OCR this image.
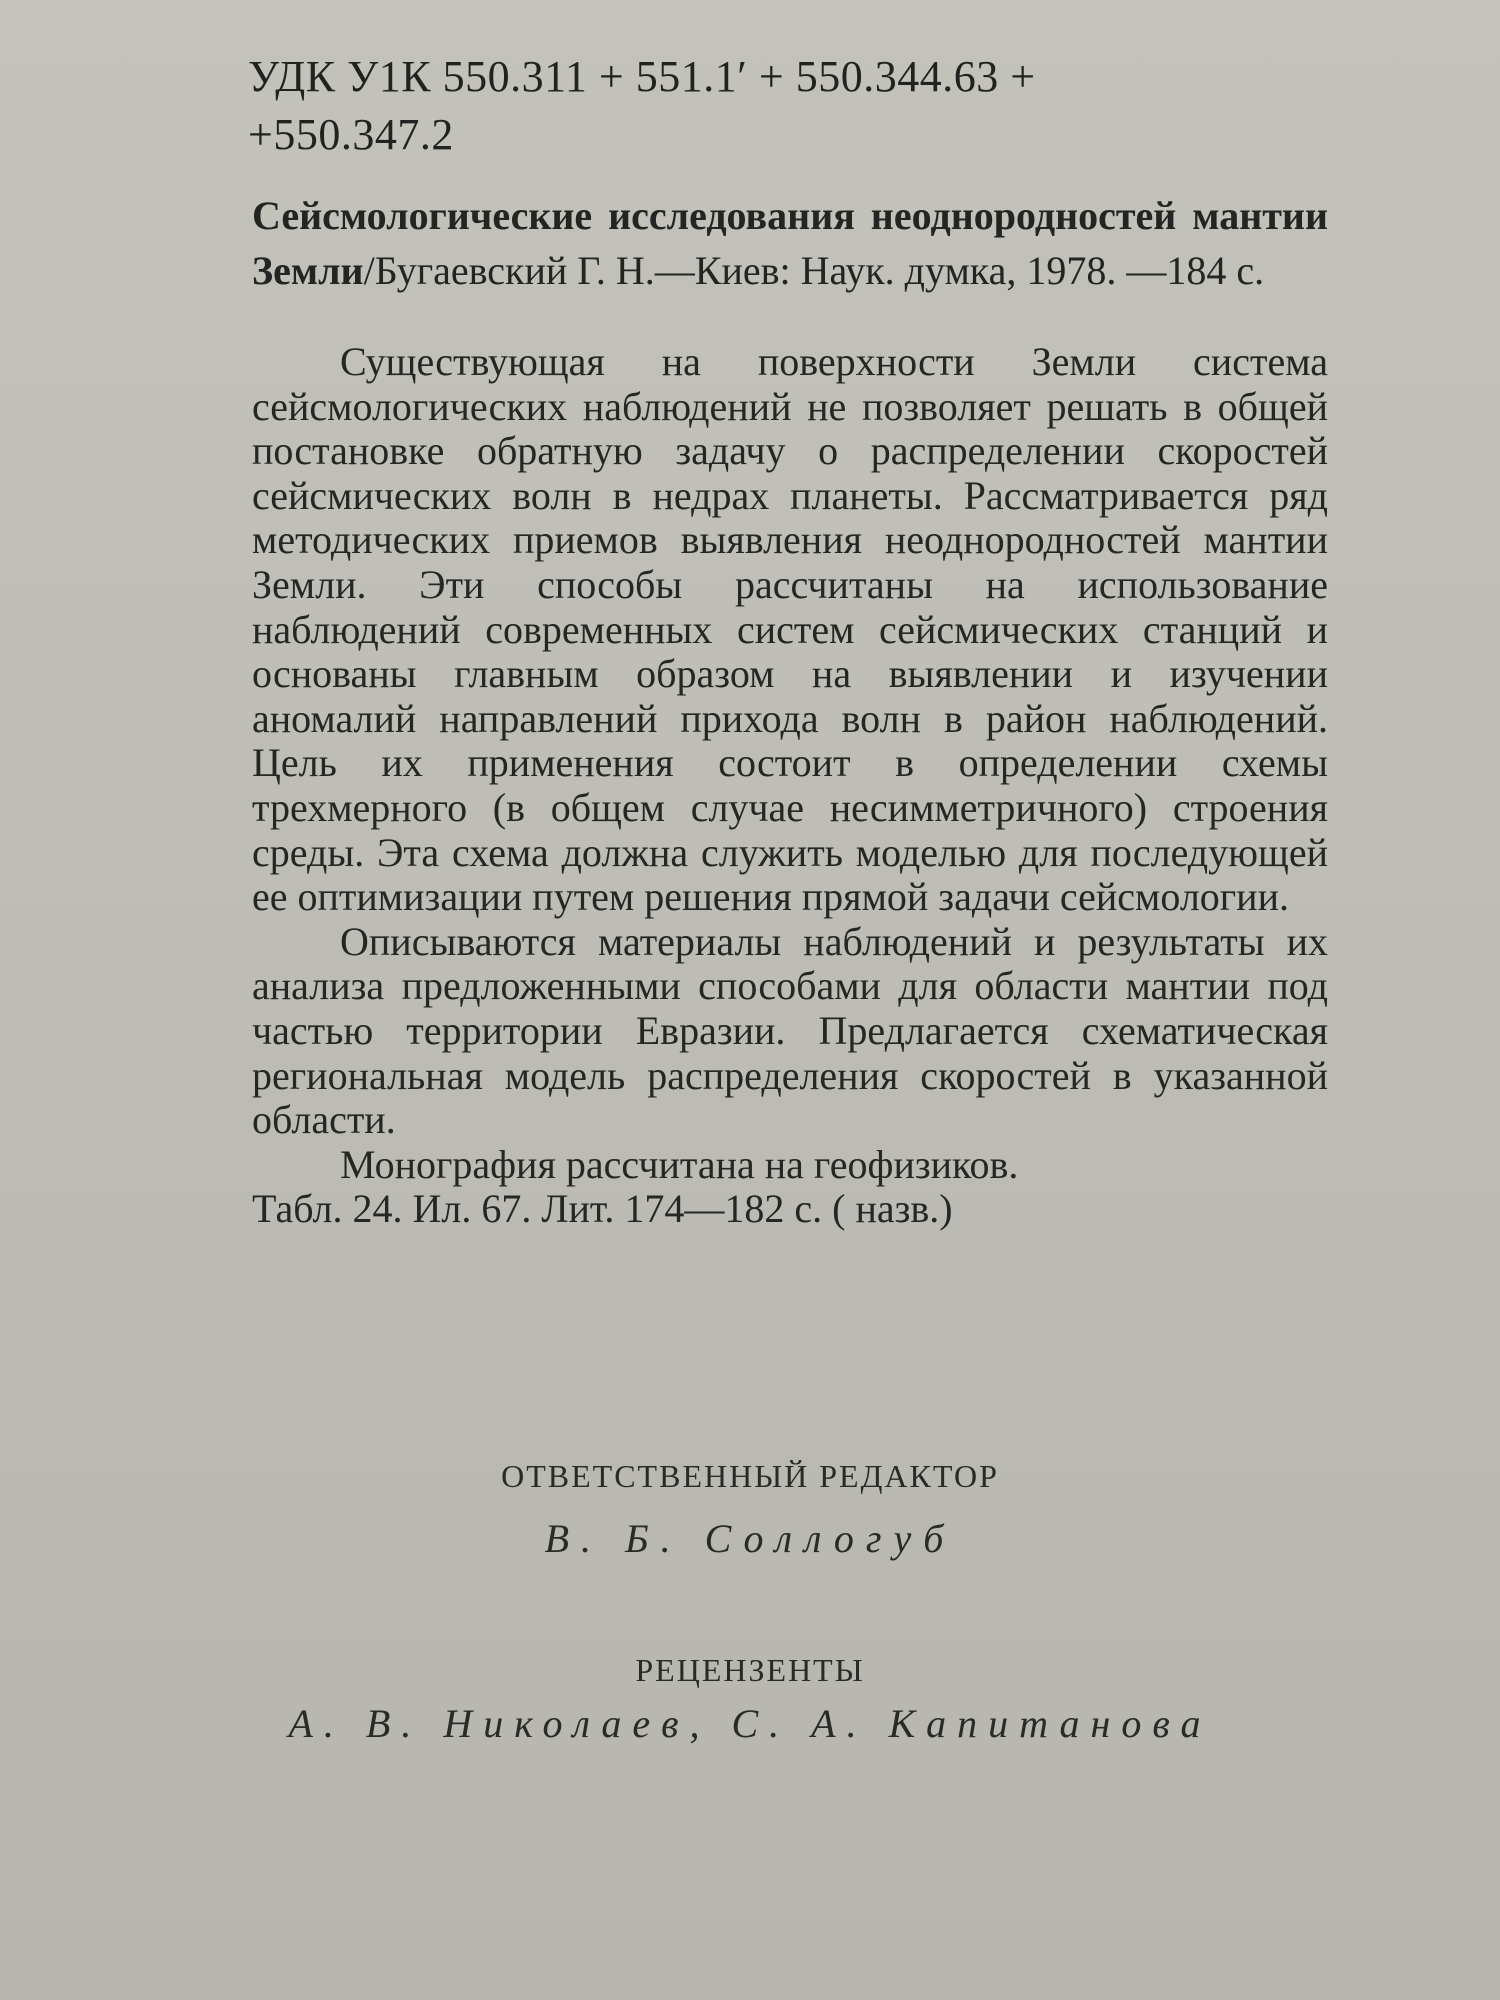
УДК У1К 550.311 + 551.1′ + 550.344.63 +
+550.347.2
Сейсмологические исследования неоднородностей мантии Земли/Бугаевский Г. Н.—Киев: Наук. думка, 1978. —184 с.

Существующая на поверхности Земли система сейсмологических наблюдений не позволяет решать в общей постановке обратную задачу о распределении скоростей сейсмических волн в недрах планеты. Рассматривается ряд методических приемов выявления неоднородностей мантии Земли. Эти способы рассчитаны на использование наблюдений современных систем сейсмических станций и основаны главным образом на выявлении и изучении аномалий направлений прихода волн в район наблюдений. Цель их применения состоит в определении схемы трехмерного (в общем случае несимметричного) строения среды. Эта схема должна служить моделью для последующей ее оптимизации путем решения прямой задачи сейсмологии.

Описываются материалы наблюдений и результаты их анализа предложенными способами для области мантии под частью территории Евразии. Предлагается схематическая региональная модель распределения скоростей в указанной области.

Монография рассчитана на геофизиков.

Табл. 24. Ил. 67. Лит. 174—182 с. ( назв.)

ОТВЕТСТВЕННЫЙ РЕДАКТОР
В. Б. Соллогуб
РЕЦЕНЗЕНТЫ
А. В. Николаев, С. А. Капитанова
